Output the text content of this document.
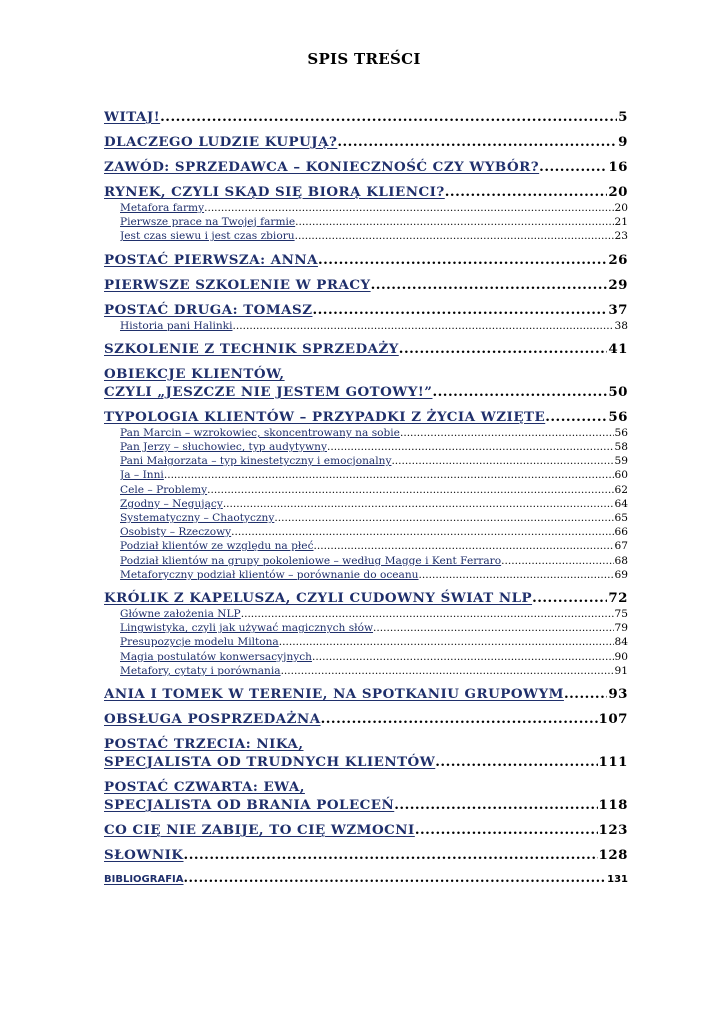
SPIS TREŚCI
WITAJ! .....	5
DLACZEGO LUDZIE KUPUJĄ? .....	9
ZAWÓD: SPRZEDAWCA – KONIECZNOŚĆ CZY WYBÓR? .....	16
RYNEK, CZYLI SKĄD SIĘ BIORĄ KLIENCI? .....	20
Metafora farmy .....	20
Pierwsze prace na Twojej farmie .....	21
Jest czas siewu i jest czas zbioru .....	23
POSTAĆ PIERWSZA: ANNA .....	26
PIERWSZE SZKOLENIE W PRACY .....	29
POSTAĆ DRUGA: TOMASZ .....	37
Historia pani Halinki .....	38
SZKOLENIE Z TECHNIK SPRZEDAŻY .....	41
OBIEKCJE KLIENTÓW,
CZYLI „JESZCZE NIE JESTEM GOTOWY!” .....	50
TYPOLOGIA KLIENTÓW – PRZYPADKI Z ŻYCIA WZIĘTE .....	56
Pan Marcin – wzrokowiec, skoncentrowany na sobie .....	56
Pan Jerzy – słuchowiec, typ audytywny .....	58
Pani Małgorzata – typ kinestetyczny i emocjonalny .....	59
Ja – Inni .....	60
Cele – Problemy .....	62
Zgodny – Negujący .....	64
Systematyczny – Chaotyczny .....	65
Osobisty – Rzeczowy .....	66
Podział klientów ze względu na płeć .....	67
Podział klientów na grupy pokoleniowe – według Magge i Kent Ferraro .....	68
Metaforyczny podział klientów – porównanie do oceanu .....	69
KRÓLIK Z KAPELUSZA, CZYLI CUDOWNY ŚWIAT NLP .....	72
Główne założenia NLP .....	75
Lingwistyka, czyli jak używać magicznych słów .....	79
Presupozycje modelu Miltona .....	84
Magia postulatów konwersacyjnych .....	90
Metafory, cytaty i porównania .....	91
ANIA I TOMEK W TERENIE, NA SPOTKANIU GRUPOWYM .....	93
OBSŁUGA POSPRZEDAŻNA .....	107
POSTAĆ TRZECIA: NIKA,
SPECJALISTA OD TRUDNYCH KLIENTÓW .....	111
POSTAĆ CZWARTA: EWA,
SPECJALISTA OD BRANIA POLECEŃ .....	118
CO CIĘ NIE ZABIJE, TO CIĘ WZMOCNI .....	123
SŁOWNIK .....	128
BIBLIOGRAFIA .....	131
